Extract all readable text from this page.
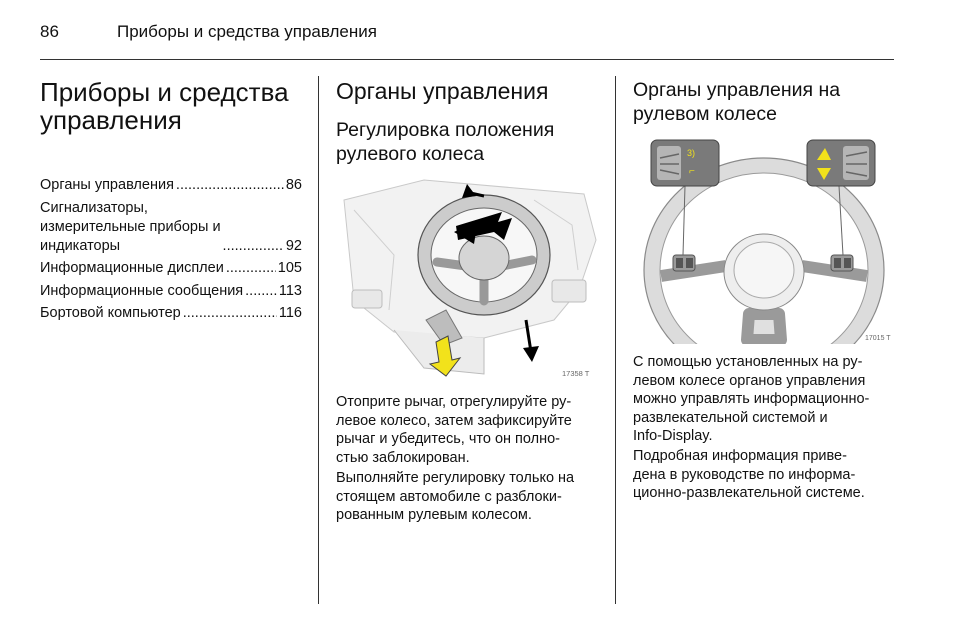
86	Приборы и средства управления
Приборы и средства управления
Органы управления .....	86
Сигнализаторы,
измерительные приборы и
индикаторы .....	92
Информационные дисплеи .....	105
Информационные сообщения ..... 113
Бортовой компьютер .....	116
Органы управления
Регулировка положения рулевого колеса
17358 T
Отоприте рычаг, отрегулируйте ру-
левое колесо, затем зафиксируйте
рычаг и убедитесь, что он полно-
стью заблокирован.
Выполняйте регулировку только на
стоящем автомобиле с разблоки-
рованным рулевым колесом.
Органы управления на рулевом колесе
3)
⌐
17015 T
С помощью установленных на ру-
левом колесе органов управления
можно управлять информационно-
развлекательной системой и
Info-Display.
Подробная информация приве-
дена в руководстве по информа-
ционно-развлекательной системе.
